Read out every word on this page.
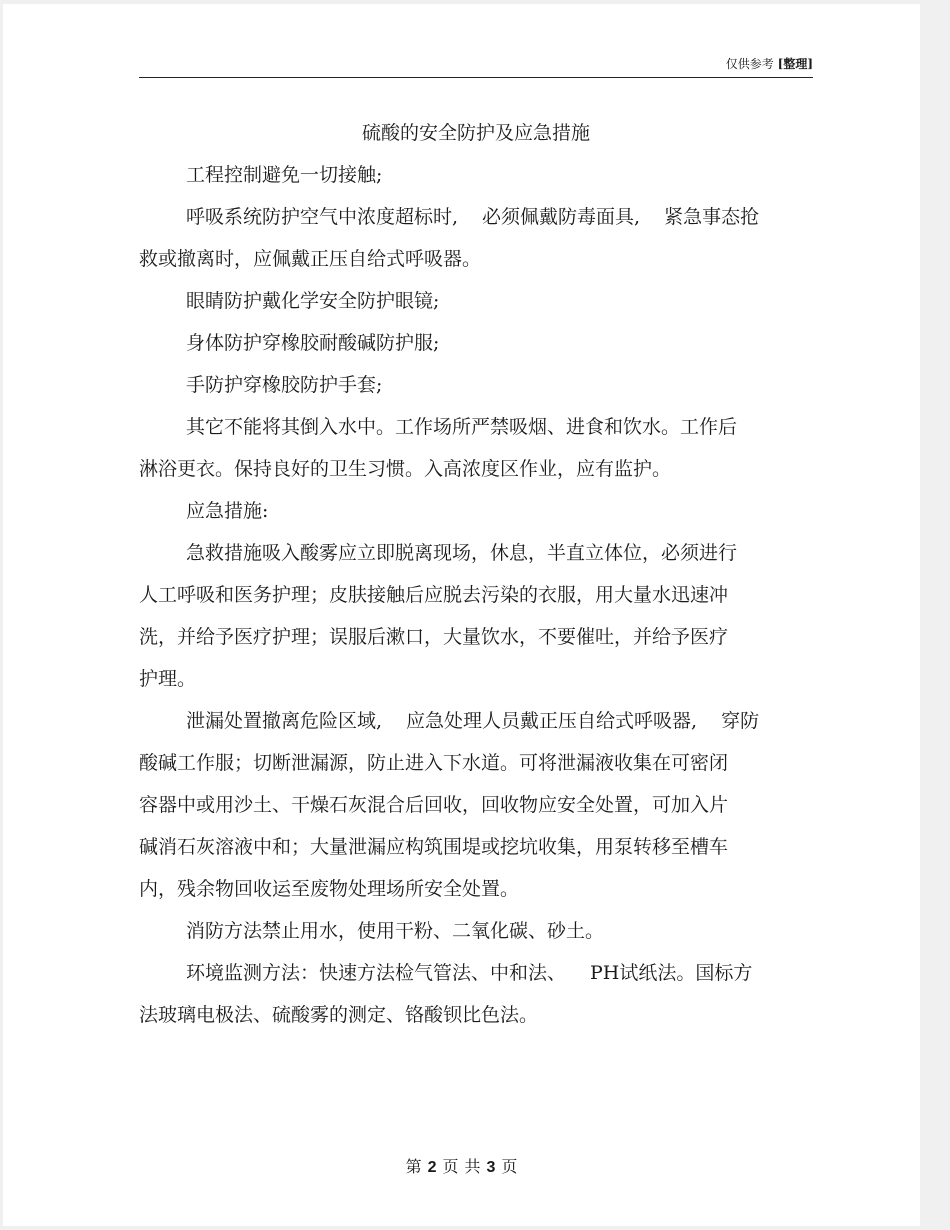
仅供参考 [整理]
硫酸的安全防护及应急措施
工程控制避免一切接触;
呼吸系统防护空气中浓度超标时, 必须佩戴防毒面具, 紧急事态抢
救或撤离时，应佩戴正压自给式呼吸器。
眼睛防护戴化学安全防护眼镜;
身体防护穿橡胶耐酸碱防护服;
手防护穿橡胶防护手套;
其它不能将其倒入水中。工作场所严禁吸烟、进食和饮水。工作后
淋浴更衣。保持良好的卫生习惯。入高浓度区作业，应有监护。
应急措施:
急救措施吸入酸雾应立即脱离现场，休息，半直立体位，必须进行
人工呼吸和医务护理；皮肤接触后应脱去污染的衣服，用大量水迅速冲
洗，并给予医疗护理；误服后漱口，大量饮水，不要催吐，并给予医疗
护理。
泄漏处置撤离危险区域, 应急处理人员戴正压自给式呼吸器, 穿防
酸碱工作服；切断泄漏源，防止进入下水道。可将泄漏液收集在可密闭
容器中或用沙土、干燥石灰混合后回收，回收物应安全处置，可加入片
碱消石灰溶液中和；大量泄漏应构筑围堤或挖坑收集，用泵转移至槽车
内，残余物回收运至废物处理场所安全处置。
消防方法禁止用水，使用干粉、二氧化碳、砂土。
环境监测方法：快速方法检气管法、中和法、 PH试纸法。国标方
法玻璃电极法、硫酸雾的测定、铬酸钡比色法。
第 2 页 共 3 页
